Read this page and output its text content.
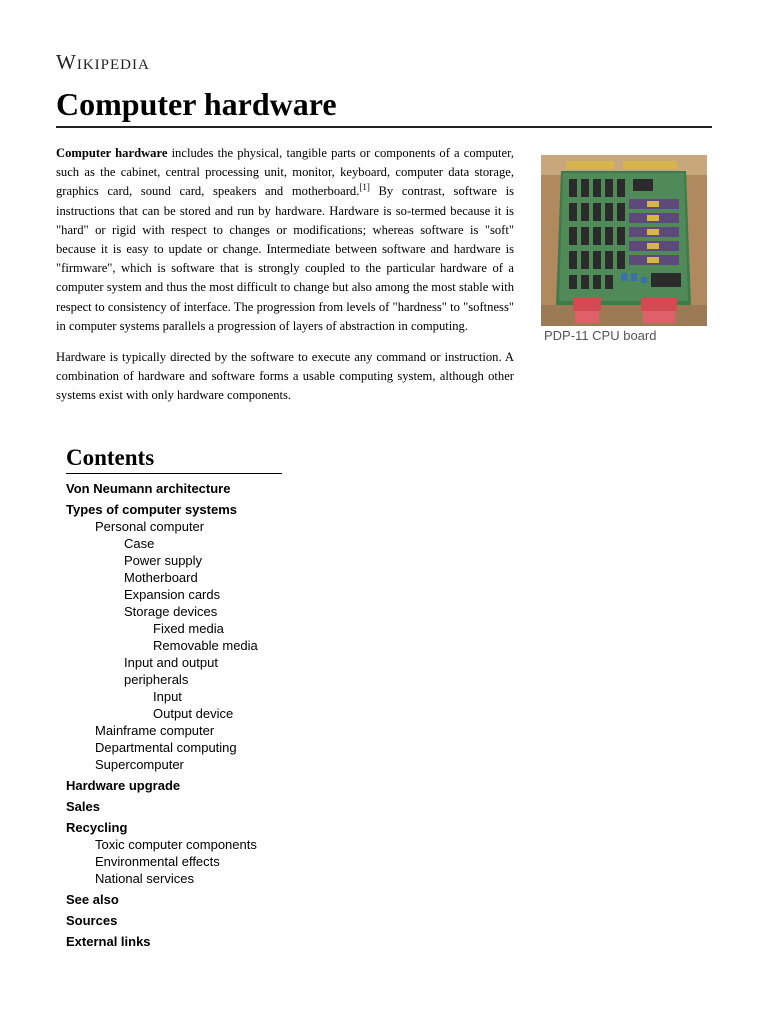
Wikipedia
Computer hardware

Computer hardware includes the physical, tangible parts or components of a computer, such as the cabinet, central processing unit, monitor, keyboard, computer data storage, graphics card, sound card, speakers and motherboard.[1] By contrast, software is instructions that can be stored and run by hardware. Hardware is so-termed because it is "hard" or rigid with respect to changes or modifications; whereas software is "soft" because it is easy to update or change. Intermediate between software and hardware is "firmware", which is software that is strongly coupled to the particular hardware of a computer system and thus the most difficult to change but also among the most stable with respect to consistency of interface. The progression from levels of "hardness" to "softness" in computer systems parallels a progression of layers of abstraction in computing.

Hardware is typically directed by the software to execute any command or instruction. A combination of hardware and software forms a usable computing system, although other systems exist with only hardware components.

PDP-11 CPU board
Contents
Von Neumann architecture
Types of computer systems
Personal computer
Case
Power supply
Motherboard
Expansion cards
Storage devices
Fixed media
Removable media
Input and output peripherals
Input
Output device
Mainframe computer
Departmental computing
Supercomputer
Hardware upgrade
Sales
Recycling
Toxic computer components
Environmental effects
National services
See also
Sources
External links
